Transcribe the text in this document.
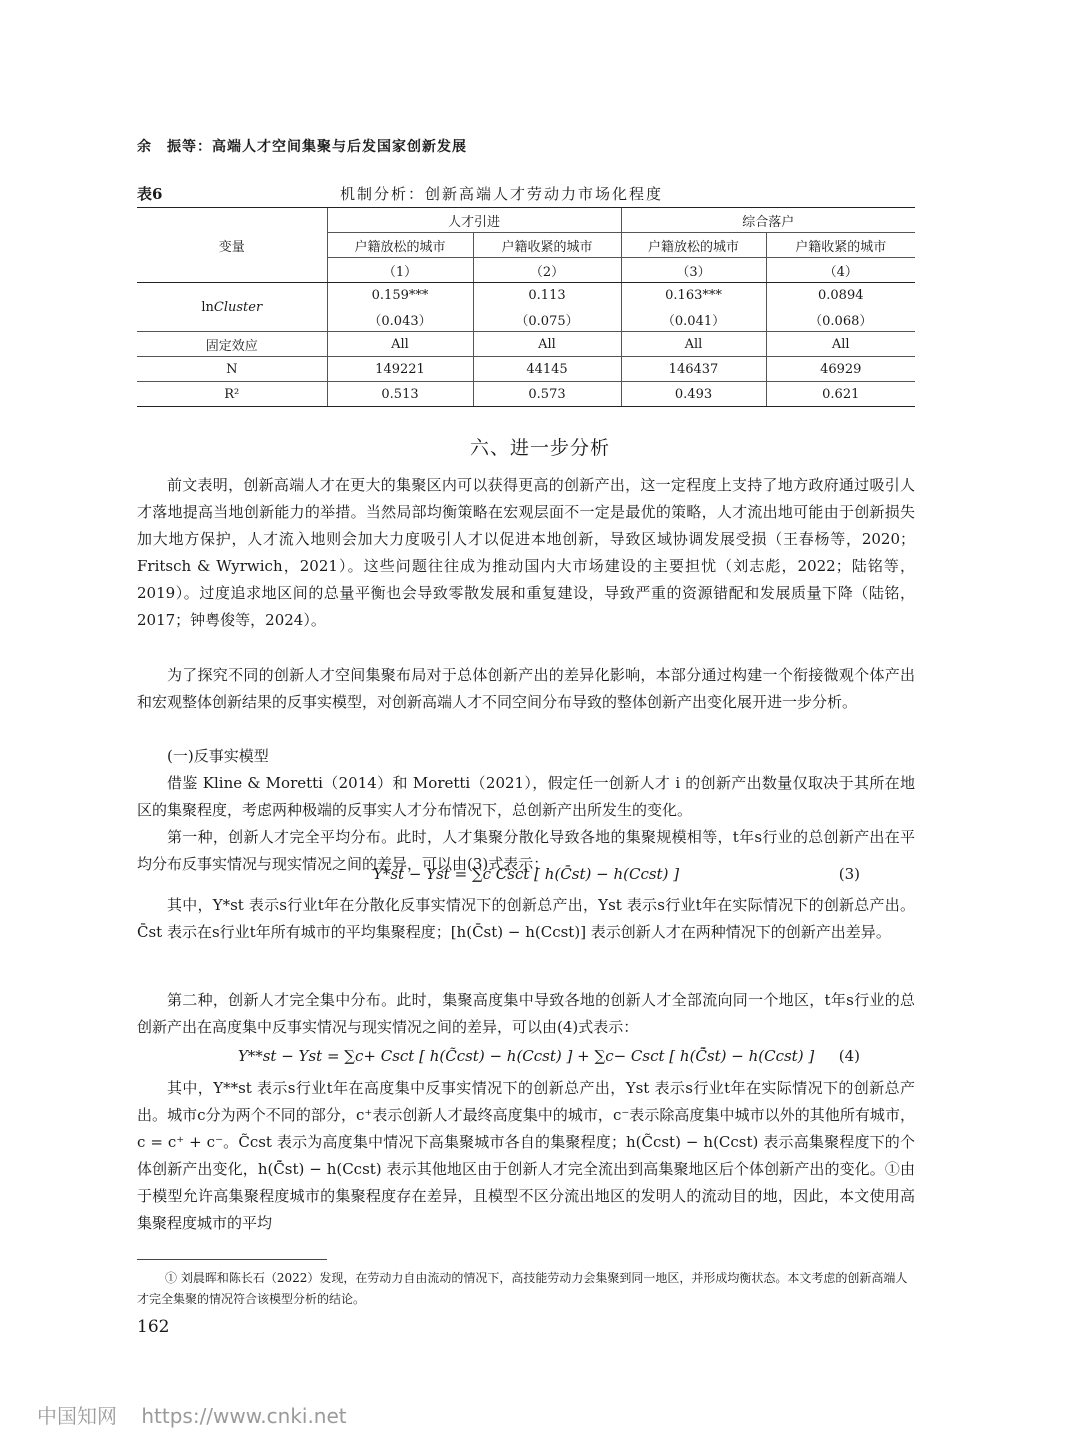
余　振等：高端人才空间集聚与后发国家创新发展
表6	机制分析：创新高端人才劳动力市场化程度
变量	人才引进		综合落户	
	户籍放松的城市	户籍收紧的城市	户籍放松的城市	户籍收紧的城市
	（1）	（2）	（3）	（4）
lnCluster	0.159***	0.113	0.163***	0.0894
	（0.043）	（0.075）	（0.041）	（0.068）
固定效应	All	All	All	All
N	149221	44145	146437	46929
R²	0.513	0.573	0.493	0.621
六、进一步分析

前文表明，创新高端人才在更大的集聚区内可以获得更高的创新产出，这一定程度上支持了地方政府通过吸引人才落地提高当地创新能力的举措。当然局部均衡策略在宏观层面不一定是最优的策略，人才流出地可能由于创新损失加大地方保护，人才流入地则会加大力度吸引人才以促进本地创新，导致区域协调发展受损（王春杨等，2020；Fritsch & Wyrwich，2021）。这些问题往往成为推动国内大市场建设的主要担忧（刘志彪，2022；陆铭等，2019）。过度追求地区间的总量平衡也会导致零散发展和重复建设，导致严重的资源错配和发展质量下降（陆铭，2017；钟粤俊等，2024）。

为了探究不同的创新人才空间集聚布局对于总体创新产出的差异化影响，本部分通过构建一个衔接微观个体产出和宏观整体创新结果的反事实模型，对创新高端人才不同空间分布导致的整体创新产出变化展开进一步分析。

(一)反事实模型

借鉴 Kline & Moretti（2014）和 Moretti（2021），假定任一创新人才 i 的创新产出数量仅取决于其所在地区的集聚程度，考虑两种极端的反事实人才分布情况下，总创新产出所发生的变化。

第一种，创新人才完全平均分布。此时，人才集聚分散化导致各地的集聚规模相等，t年s行业的总创新产出在平均分布反事实情况与现实情况之间的差异，可以由(3)式表示：

Y*st − Yst = ∑c Csct [ h(C̄st) − h(Ccst) ]	(3)

其中，Y*st 表示s行业t年在分散化反事实情况下的创新总产出，Yst 表示s行业t年在实际情况下的创新总产出。C̄st 表示在s行业t年所有城市的平均集聚程度；[h(C̄st) − h(Ccst)] 表示创新人才在两种情况下的创新产出差异。

第二种，创新人才完全集中分布。此时，集聚高度集中导致各地的创新人才全部流向同一个地区，t年s行业的总创新产出在高度集中反事实情况与现实情况之间的差异，可以由(4)式表示：

Y**st − Yst = ∑c+ Csct [ h(C̃cst) − h(Ccst) ] + ∑c− Csct [ h(C̃̄st) − h(Ccst) ] (4)

其中，Y**st 表示s行业t年在高度集中反事实情况下的创新总产出，Yst 表示s行业t年在实际情况下的创新总产出。城市c分为两个不同的部分，c⁺表示创新人才最终高度集中的城市，c⁻表示除高度集中城市以外的其他所有城市，c = c⁺ + c⁻。C̃cst 表示为高度集中情况下高集聚城市各自的集聚程度；h(C̃cst) − h(Ccst) 表示高集聚程度下的个体创新产出变化，h(C̃̄st) − h(Ccst) 表示其他地区由于创新人才完全流出到高集聚地区后个体创新产出的变化。①由于模型允许高集聚程度城市的集聚程度存在差异，且模型不区分流出地区的发明人的流动目的地，因此，本文使用高集聚程度城市的平均

① 刘晨晖和陈长石（2022）发现，在劳动力自由流动的情况下，高技能劳动力会集聚到同一地区，并形成均衡状态。本文考虑的创新高端人才完全集聚的情况符合该模型分析的结论。

162
中国知网 https://www.cnki.net
